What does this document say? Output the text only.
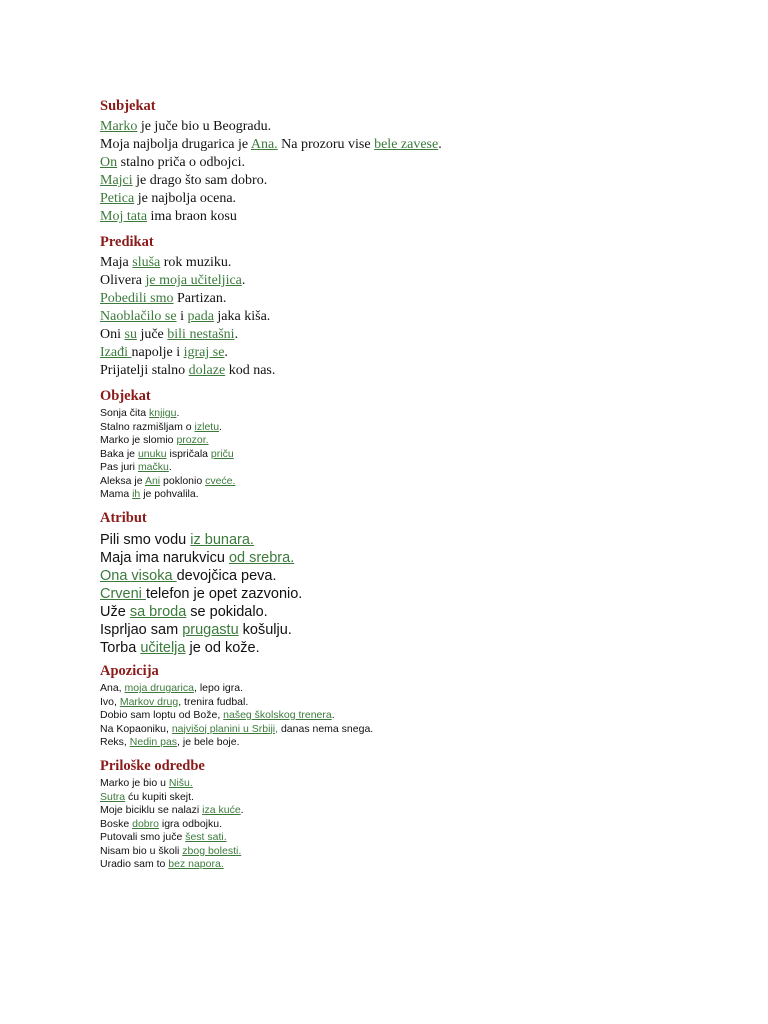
Subjekat
Marko je juče bio u Beogradu.
Moja najbolja drugarica je Ana. Na prozoru vise bele zavese.
On stalno priča o odbojci.
Majci je drago što sam dobro.
Petica je najbolja ocena.
Moj tata ima braon kosu
Predikat
Maja sluša rok muziku.
Olivera je moja učiteljica.
Pobedili smo Partizan.
Naoblačilo se i pada jaka kiša.
Oni su juče bili nestašni.
Izađi napolje i igraj se.
Prijatelji stalno dolaze kod nas.
Objekat
Sonja čita knjigu.
Stalno razmišljam o izletu.
Marko je slomio prozor.
Baka je unuku ispričala priču
Pas juri mačku.
Aleksa je Ani poklonio cveće.
Mama ih je pohvalila.
Atribut
Pili smo vodu iz bunara.
Maja ima narukvicu od srebra.
Ona visoka devojčica peva.
Crveni telefon je opet zazvonio.
Uže sa broda se pokidalo.
Isprljao sam prugastu košulju.
Torba učitelja je od kože.
Apozicija
Ana, moja drugarica, lepo igra.
Ivo, Markov drug, trenira fudbal.
Dobio sam loptu od Bože, našeg školskog trenera.
Na Kopaoniku, najvišoj planini u Srbiji, danas nema snega.
Reks, Nedin pas, je bele boje.
Priloške odredbe
Marko je bio u Nišu.
Sutra ću kupiti skejt.
Moje biciklu se nalazi iza kuće.
Boske dobro igra odbojku.
Putovali smo juče šest sati.
Nisam bio u školi zbog bolesti.
Uradio sam to bez napora.
